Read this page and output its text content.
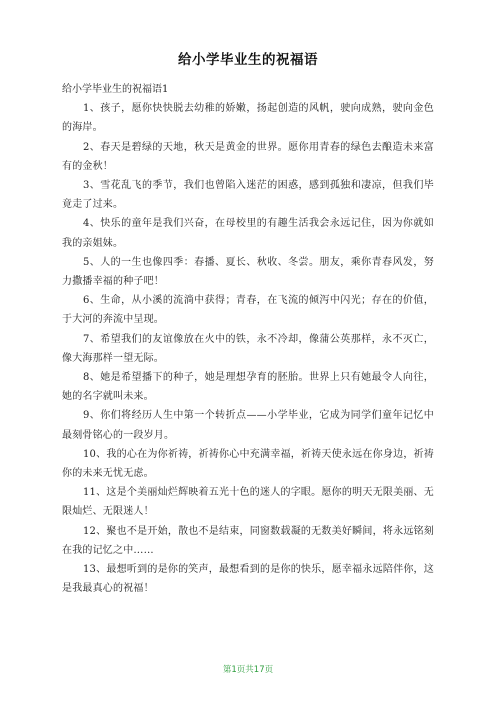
给小学毕业生的祝福语

给小学毕业生的祝福语1

1、孩子，愿你快快脱去幼稚的娇嫩，扬起创造的风帆，驶向成熟，驶向金色的海岸。

2、春天是碧绿的天地，秋天是黄金的世界。愿你用青春的绿色去酿造未来富有的金秋！

3、雪花乱飞的季节，我们也曾陷入迷茫的困惑，感到孤独和凄凉，但我们毕竟走了过来。

4、快乐的童年是我们兴奋，在母校里的有趣生活我会永远记住，因为你就如我的亲姐妹。

5、人的一生也像四季：春播、夏长、秋收、冬尝。朋友，乘你青春风发，努力撒播幸福的种子吧！

6、生命，从小溪的流淌中获得；青春，在飞流的倾泻中闪光；存在的价值，于大河的奔流中呈现。

7、希望我们的友谊像放在火中的铁，永不冷却，像蒲公英那样，永不灭亡，像大海那样一望无际。

8、她是希望播下的种子，她是理想孕育的胚胎。世界上只有她最令人向往，她的名字就叫未来。

9、你们将经历人生中第一个转折点——小学毕业，它成为同学们童年记忆中最刻骨铭心的一段岁月。

10、我的心在为你祈祷，祈祷你心中充满幸福，祈祷天使永远在你身边，祈祷你的未来无忧无虑。

11、这是个美丽灿烂辉映着五光十色的迷人的字眼。愿你的明天无限美丽、无限灿烂、无限迷人！

12、聚也不是开始，散也不是结束，同窗数载凝的无数美好瞬间，将永远铭刻在我的记忆之中……

13、最想听到的是你的笑声，最想看到的是你的快乐，愿幸福永远陪伴你，这是我最真心的祝福！

第1页共17页
